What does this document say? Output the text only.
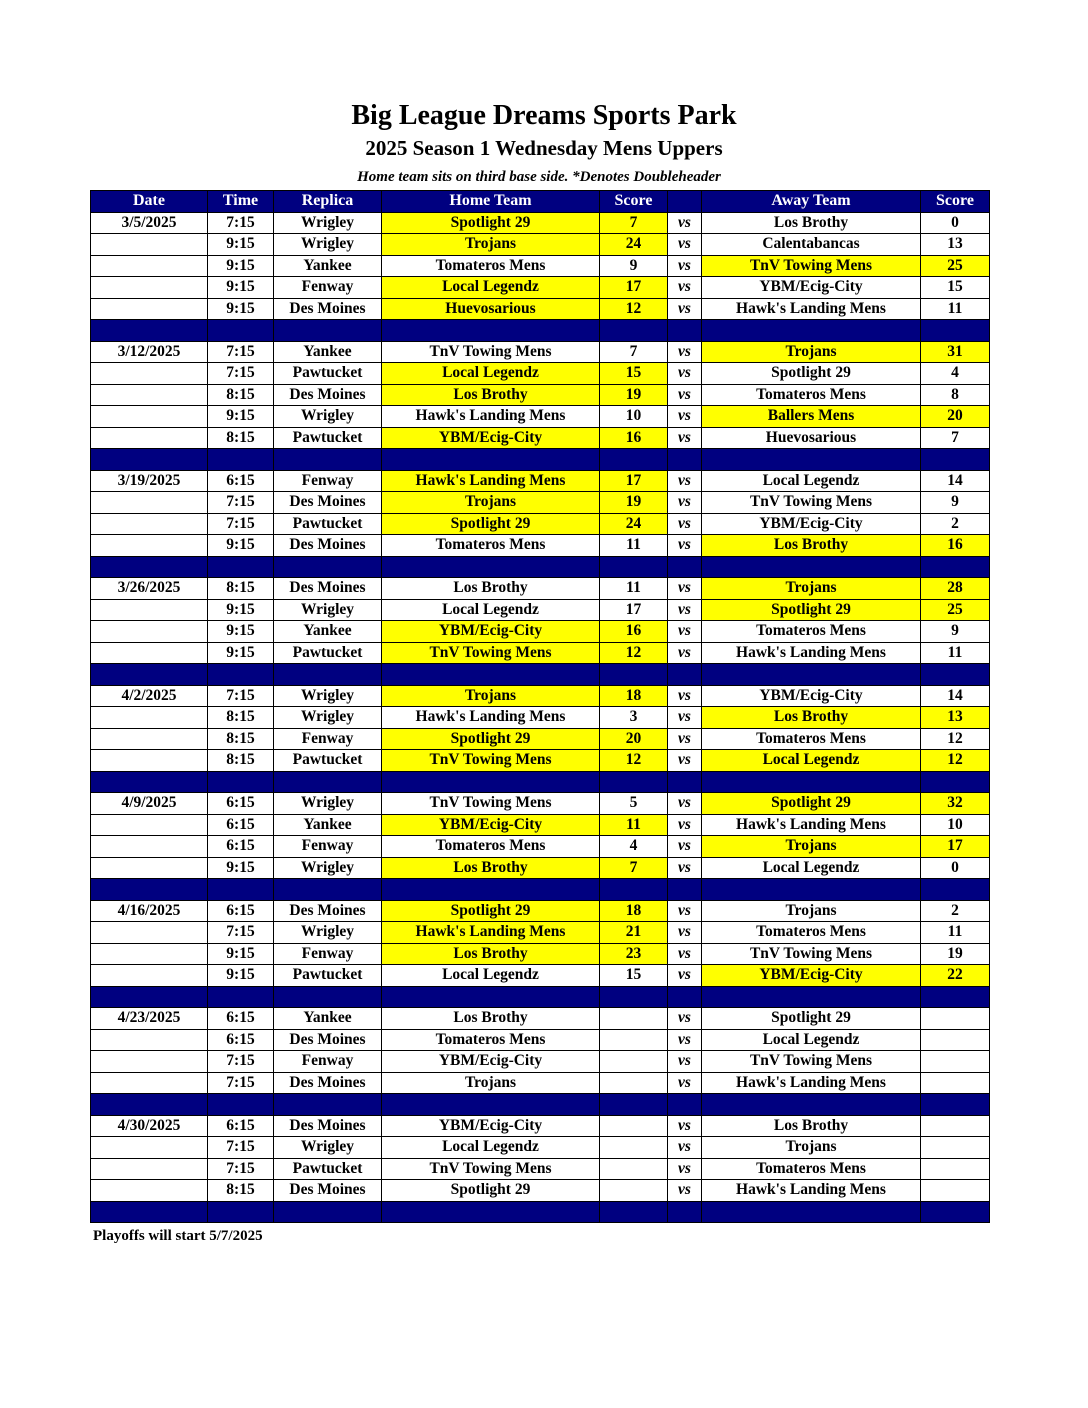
Big League Dreams Sports Park
2025 Season 1 Wednesday Mens Uppers
Home team sits on third base side. *Denotes Doubleheader
Date	Time	Replica	Home Team	Score		Away Team	Score
3/5/2025	7:15	Wrigley	Spotlight 29	7	vs	Los Brothy	0
	9:15	Wrigley	Trojans	24	vs	Calentabancas	13
	9:15	Yankee	Tomateros Mens	9	vs	TnV Towing Mens	25
	9:15	Fenway	Local Legendz	17	vs	YBM/Ecig-City	15
	9:15	Des Moines	Huevosarious	12	vs	Hawk's Landing Mens	11

3/12/2025	7:15	Yankee	TnV Towing Mens	7	vs	Trojans	31
	7:15	Pawtucket	Local Legendz	15	vs	Spotlight 29	4
	8:15	Des Moines	Los Brothy	19	vs	Tomateros Mens	8
	9:15	Wrigley	Hawk's Landing Mens	10	vs	Ballers Mens	20
	8:15	Pawtucket	YBM/Ecig-City	16	vs	Huevosarious	7

3/19/2025	6:15	Fenway	Hawk's Landing Mens	17	vs	Local Legendz	14
	7:15	Des Moines	Trojans	19	vs	TnV Towing Mens	9
	7:15	Pawtucket	Spotlight 29	24	vs	YBM/Ecig-City	2
	9:15	Des Moines	Tomateros Mens	11	vs	Los Brothy	16

3/26/2025	8:15	Des Moines	Los Brothy	11	vs	Trojans	28
	9:15	Wrigley	Local Legendz	17	vs	Spotlight 29	25
	9:15	Yankee	YBM/Ecig-City	16	vs	Tomateros Mens	9
	9:15	Pawtucket	TnV Towing Mens	12	vs	Hawk's Landing Mens	11

4/2/2025	7:15	Wrigley	Trojans	18	vs	YBM/Ecig-City	14
	8:15	Wrigley	Hawk's Landing Mens	3	vs	Los Brothy	13
	8:15	Fenway	Spotlight 29	20	vs	Tomateros Mens	12
	8:15	Pawtucket	TnV Towing Mens	12	vs	Local Legendz	12

4/9/2025	6:15	Wrigley	TnV Towing Mens	5	vs	Spotlight 29	32
	6:15	Yankee	YBM/Ecig-City	11	vs	Hawk's Landing Mens	10
	6:15	Fenway	Tomateros Mens	4	vs	Trojans	17
	9:15	Wrigley	Los Brothy	7	vs	Local Legendz	0

4/16/2025	6:15	Des Moines	Spotlight 29	18	vs	Trojans	2
	7:15	Wrigley	Hawk's Landing Mens	21	vs	Tomateros Mens	11
	9:15	Fenway	Los Brothy	23	vs	TnV Towing Mens	19
	9:15	Pawtucket	Local Legendz	15	vs	YBM/Ecig-City	22

4/23/2025	6:15	Yankee	Los Brothy		vs	Spotlight 29	
	6:15	Des Moines	Tomateros Mens		vs	Local Legendz	
	7:15	Fenway	YBM/Ecig-City		vs	TnV Towing Mens	
	7:15	Des Moines	Trojans		vs	Hawk's Landing Mens	

4/30/2025	6:15	Des Moines	YBM/Ecig-City		vs	Los Brothy	
	7:15	Wrigley	Local Legendz		vs	Trojans	
	7:15	Pawtucket	TnV Towing Mens		vs	Tomateros Mens	
	8:15	Des Moines	Spotlight 29		vs	Hawk's Landing Mens	

Playoffs will start 5/7/2025
